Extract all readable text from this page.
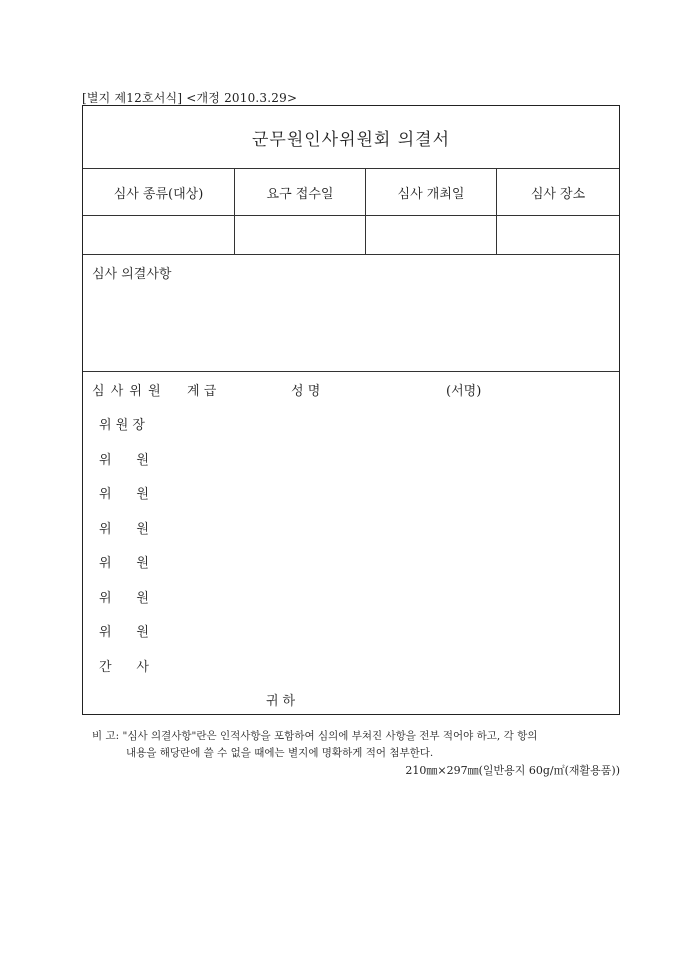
[별지 제12호서식] <개정 2010.3.29>
군무원인사위원회 의결서
심사 종류(대상)	요구 접수일	심사 개최일	심사 장소
심사 의결사항
심 사 위 원 계 급	성 명	(서명)
위 원 장
위      원
위      원
위      원
위      원
위      원
위      원
간      사
귀하
비 고: "심사 의결사항"란은 인적사항을 포함하여 심의에 부쳐진 사항을 전부 적어야 하고, 각 항의
내용을 해당란에 쓸 수 없을 때에는 별지에 명확하게 적어 첨부한다.
210㎜×297㎜(일반용지 60g/㎡(재활용품))
